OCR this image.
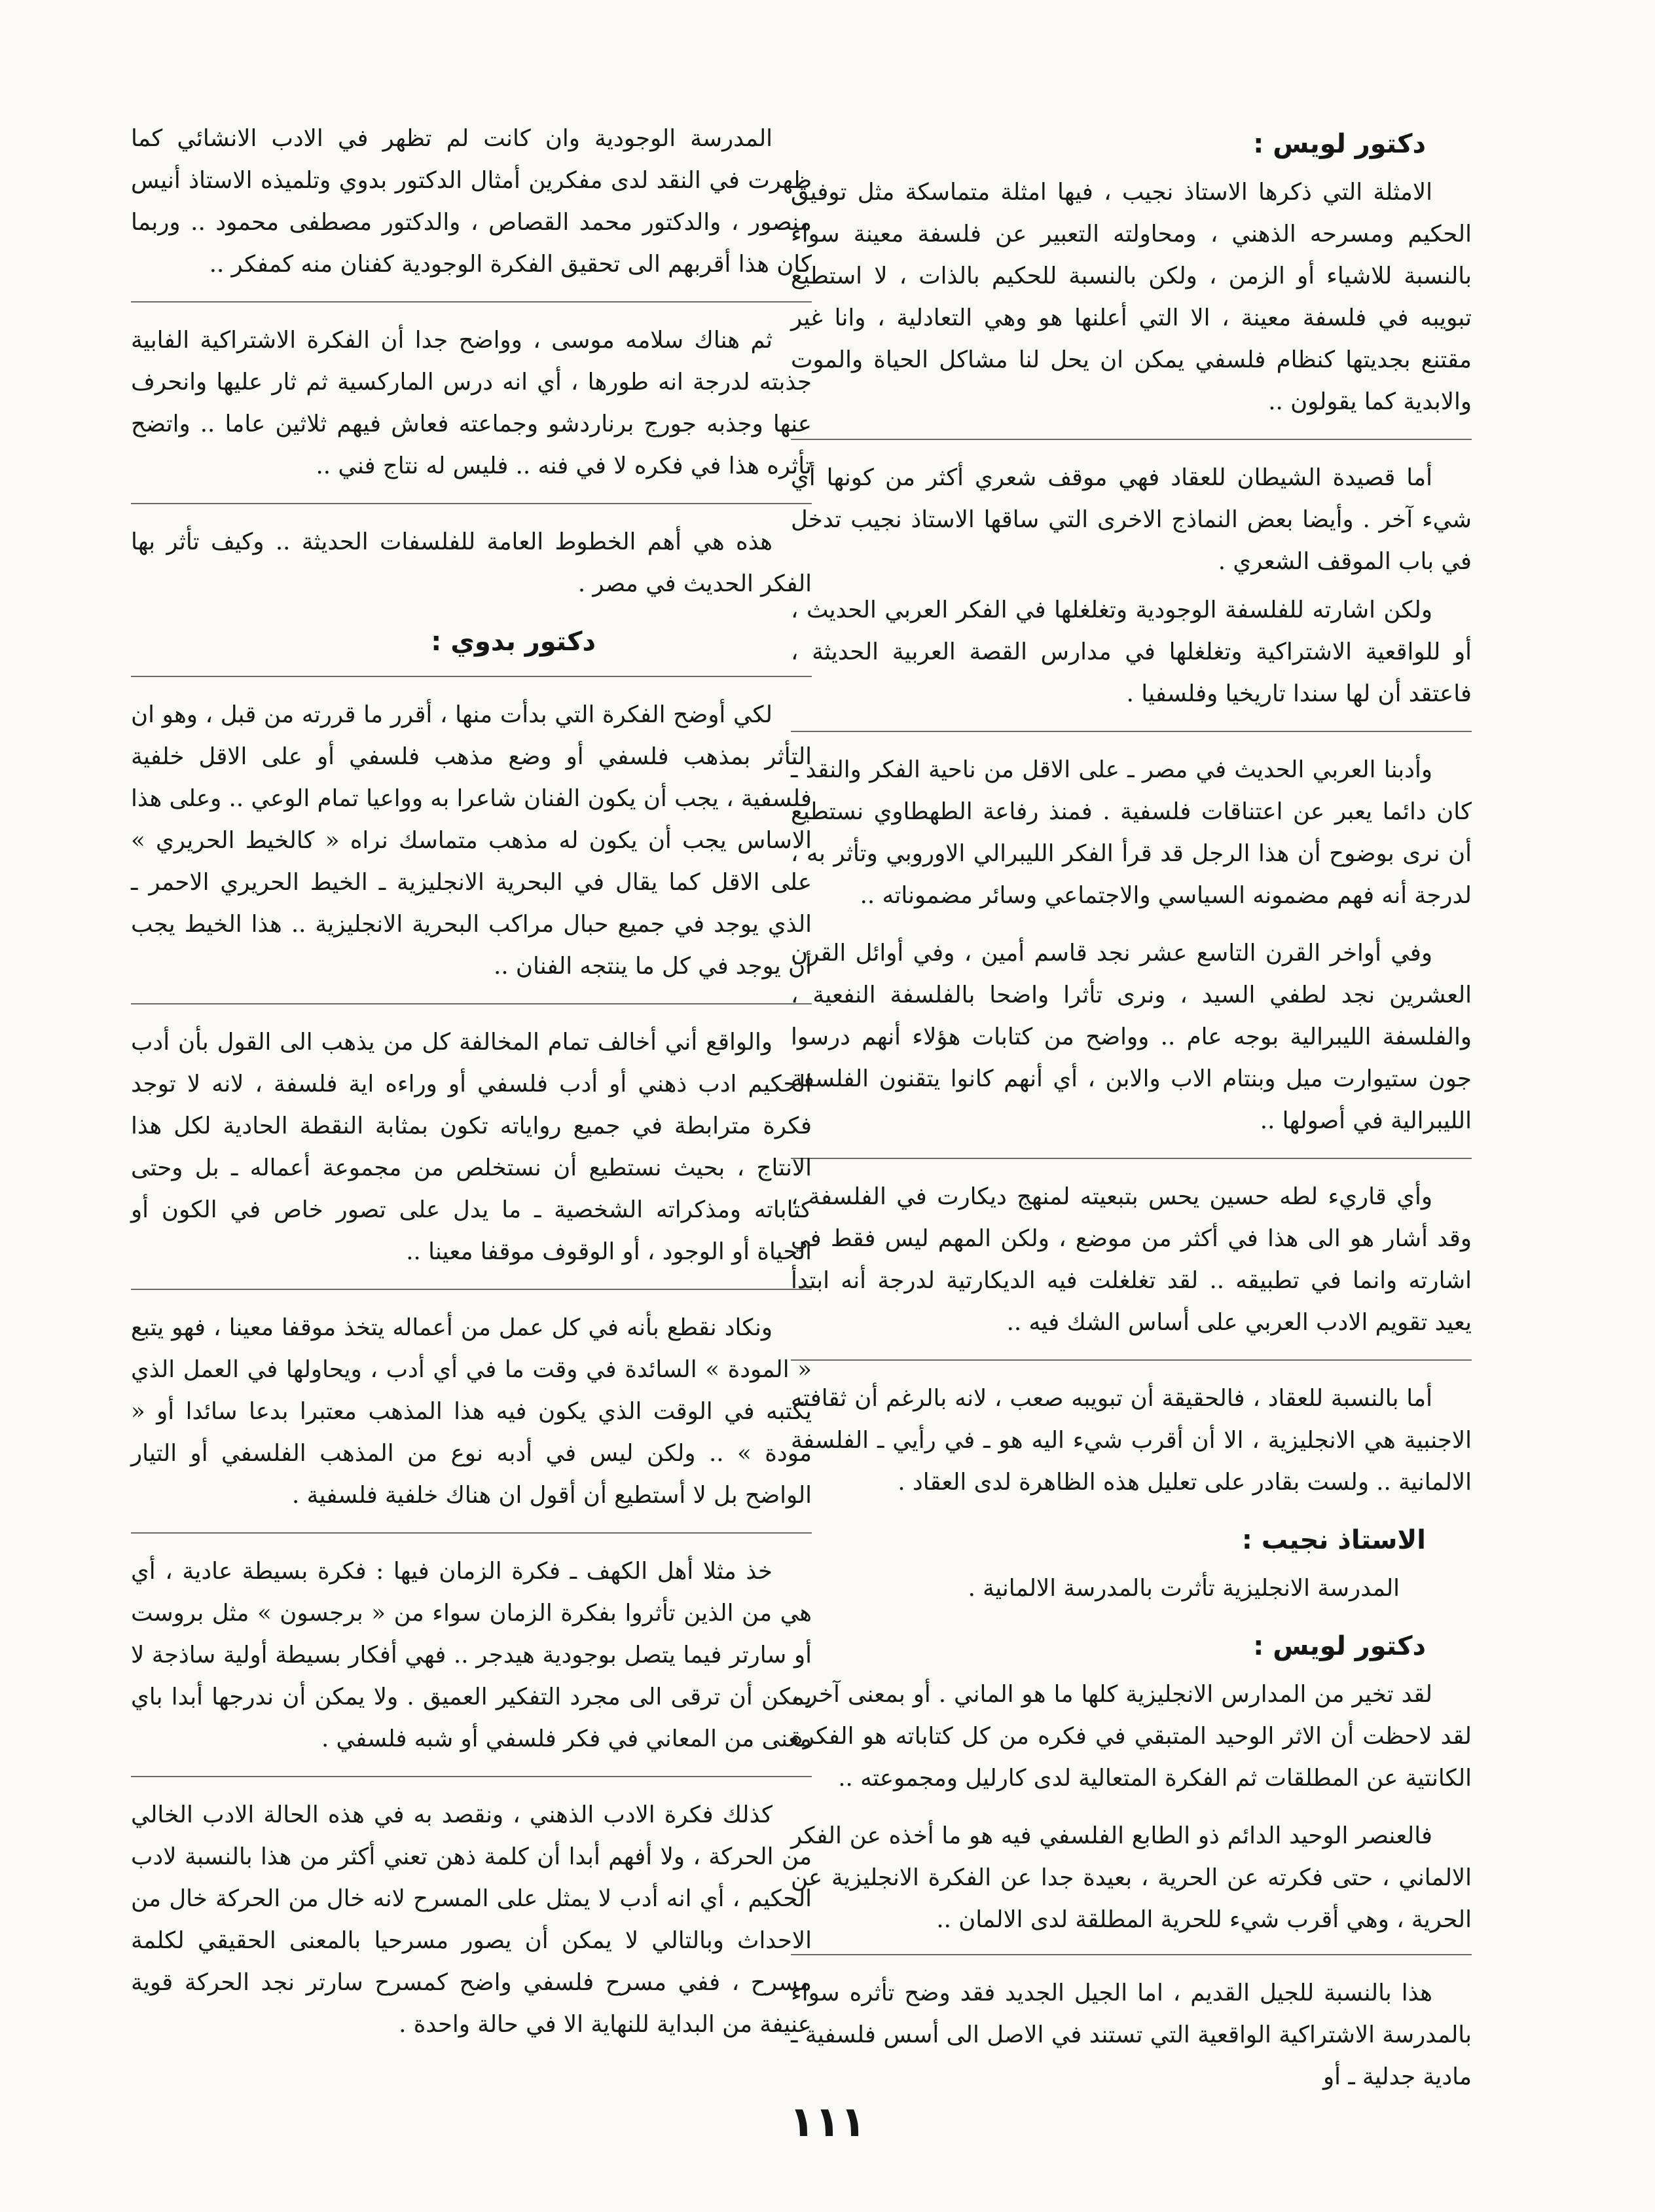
دكتور لويس :

الامثلة التي ذكرها الاستاذ نجيب ، فيها امثلة متماسكة مثل توفيق الحكيم ومسرحه الذهني ، ومحاولته التعبير عن فلسفة معينة سواء بالنسبة للاشياء أو الزمن ، ولكن بالنسبة للحكيم بالذات ، لا استطيع تبويبه في فلسفة معينة ، الا التي أعلنها هو وهي التعادلية ، وانا غير مقتنع بجديتها كنظام فلسفي يمكن ان يحل لنا مشاكل الحياة والموت والابدية كما يقولون ..

أما قصيدة الشيطان للعقاد فهي موقف شعري أكثر من كونها أي شيء آخر . وأيضا بعض النماذج الاخرى التي ساقها الاستاذ نجيب تدخل في باب الموقف الشعري .

ولكن اشارته للفلسفة الوجودية وتغلغلها في الفكر العربي الحديث ، أو للواقعية الاشتراكية وتغلغلها في مدارس القصة العربية الحديثة ، فاعتقد أن لها سندا تاريخيا وفلسفيا .

وأدبنا العربي الحديث في مصر ـ على الاقل من ناحية الفكر والنقد ـ كان دائما يعبر عن اعتناقات فلسفية . فمنذ رفاعة الطهطاوي نستطيع أن نرى بوضوح أن هذا الرجل قد قرأ الفكر الليبرالي الاوروبي وتأثر به ، لدرجة أنه فهم مضمونه السياسي والاجتماعي وسائر مضموناته ..

وفي أواخر القرن التاسع عشر نجد قاسم أمين ، وفي أوائل القرن العشرين نجد لطفي السيد ، ونرى تأثرا واضحا بالفلسفة النفعية ، والفلسفة الليبرالية بوجه عام .. وواضح من كتابات هؤلاء أنهم درسوا جون ستيوارت ميل وبنتام الاب والابن ، أي أنهم كانوا يتقنون الفلسفة الليبرالية في أصولها ..

وأي قاريء لطه حسين يحس بتبعيته لمنهج ديكارت في الفلسفة ، وقد أشار هو الى هذا في أكثر من موضع ، ولكن المهم ليس فقط في اشارته وانما في تطبيقه .. لقد تغلغلت فيه الديكارتية لدرجة أنه ابتدأ يعيد تقويم الادب العربي على أساس الشك فيه ..

أما بالنسبة للعقاد ، فالحقيقة أن تبويبه صعب ، لانه بالرغم أن ثقافته الاجنبية هي الانجليزية ، الا أن أقرب شيء اليه هو ـ في رأيي ـ الفلسفة الالمانية .. ولست بقادر على تعليل هذه الظاهرة لدى العقاد .

الاستاذ نجيب :

المدرسة الانجليزية تأثرت بالمدرسة الالمانية .

دكتور لويس :

لقد تخير من المدارس الانجليزية كلها ما هو الماني . أو بمعنى آخر ، لقد لاحظت أن الاثر الوحيد المتبقي في فكره من كل كتاباته هو الفكرة الكانتية عن المطلقات ثم الفكرة المتعالية لدى كارليل ومجموعته ..

فالعنصر الوحيد الدائم ذو الطابع الفلسفي فيه هو ما أخذه عن الفكر الالماني ، حتى فكرته عن الحرية ، بعيدة جدا عن الفكرة الانجليزية عن الحرية ، وهي أقرب شيء للحرية المطلقة لدى الالمان ..

هذا بالنسبة للجيل القديم ، اما الجيل الجديد فقد وضح تأثره سواء بالمدرسة الاشتراكية الواقعية التي تستند في الاصل الى أسس فلسفية ـ مادية جدلية ـ أو

المدرسة الوجودية وان كانت لم تظهر في الادب الانشائي كما ظهرت في النقد لدى مفكرين أمثال الدكتور بدوي وتلميذه الاستاذ أنيس منصور ، والدكتور محمد القصاص ، والدكتور مصطفى محمود .. وربما كان هذا أقربهم الى تحقيق الفكرة الوجودية كفنان منه كمفكر ..

ثم هناك سلامه موسى ، وواضح جدا أن الفكرة الاشتراكية الفابية جذبته لدرجة انه طورها ، أي انه درس الماركسية ثم ثار عليها وانحرف عنها وجذبه جورج برناردشو وجماعته فعاش فيهم ثلاثين عاما .. واتضح تأثره هذا في فكره لا في فنه .. فليس له نتاج فني ..

هذه هي أهم الخطوط العامة للفلسفات الحديثة .. وكيف تأثر بها الفكر الحديث في مصر .

دكتور بدوي :

لكي أوضح الفكرة التي بدأت منها ، أقرر ما قررته من قبل ، وهو ان التأثر بمذهب فلسفي أو وضع مذهب فلسفي أو على الاقل خلفية فلسفية ، يجب أن يكون الفنان شاعرا به وواعيا تمام الوعي .. وعلى هذا الاساس يجب أن يكون له مذهب متماسك نراه « كالخيط الحريري » على الاقل كما يقال في البحرية الانجليزية ـ الخيط الحريري الاحمر ـ الذي يوجد في جميع حبال مراكب البحرية الانجليزية .. هذا الخيط يجب أن يوجد في كل ما ينتجه الفنان ..

والواقع أني أخالف تمام المخالفة كل من يذهب الى القول بأن أدب الحكيم ادب ذهني أو أدب فلسفي أو وراءه اية فلسفة ، لانه لا توجد فكرة مترابطة في جميع رواياته تكون بمثابة النقطة الحادية لكل هذا الانتاج ، بحيث نستطيع أن نستخلص من مجموعة أعماله ـ بل وحتى كتاباته ومذكراته الشخصية ـ ما يدل على تصور خاص في الكون أو الحياة أو الوجود ، أو الوقوف موقفا معينا ..

ونكاد نقطع بأنه في كل عمل من أعماله يتخذ موقفا معينا ، فهو يتبع « المودة » السائدة في وقت ما في أي أدب ، ويحاولها في العمل الذي يكتبه في الوقت الذي يكون فيه هذا المذهب معتبرا بدعا سائدا أو « مودة » .. ولكن ليس في أدبه نوع من المذهب الفلسفي أو التيار الواضح بل لا أستطيع أن أقول ان هناك خلفية فلسفية .

خذ مثلا أهل الكهف ـ فكرة الزمان فيها : فكرة بسيطة عادية ، أي هي من الذين تأثروا بفكرة الزمان سواء من « برجسون » مثل بروست أو سارتر فيما يتصل بوجودية هيدجر .. فهي أفكار بسيطة أولية ساذجة لا يمكن أن ترقى الى مجرد التفكير العميق . ولا يمكن أن ندرجها أبدا باي معنى من المعاني في فكر فلسفي أو شبه فلسفي .

كذلك فكرة الادب الذهني ، ونقصد به في هذه الحالة الادب الخالي من الحركة ، ولا أفهم أبدا أن كلمة ذهن تعني أكثر من هذا بالنسبة لادب الحكيم ، أي انه أدب لا يمثل على المسرح لانه خال من الحركة خال من الاحداث وبالتالي لا يمكن أن يصور مسرحيا بالمعنى الحقيقي لكلمة مسرح ، ففي مسرح فلسفي واضح كمسرح سارتر نجد الحركة قوية عنيفة من البداية للنهاية الا في حالة واحدة .

١١١
